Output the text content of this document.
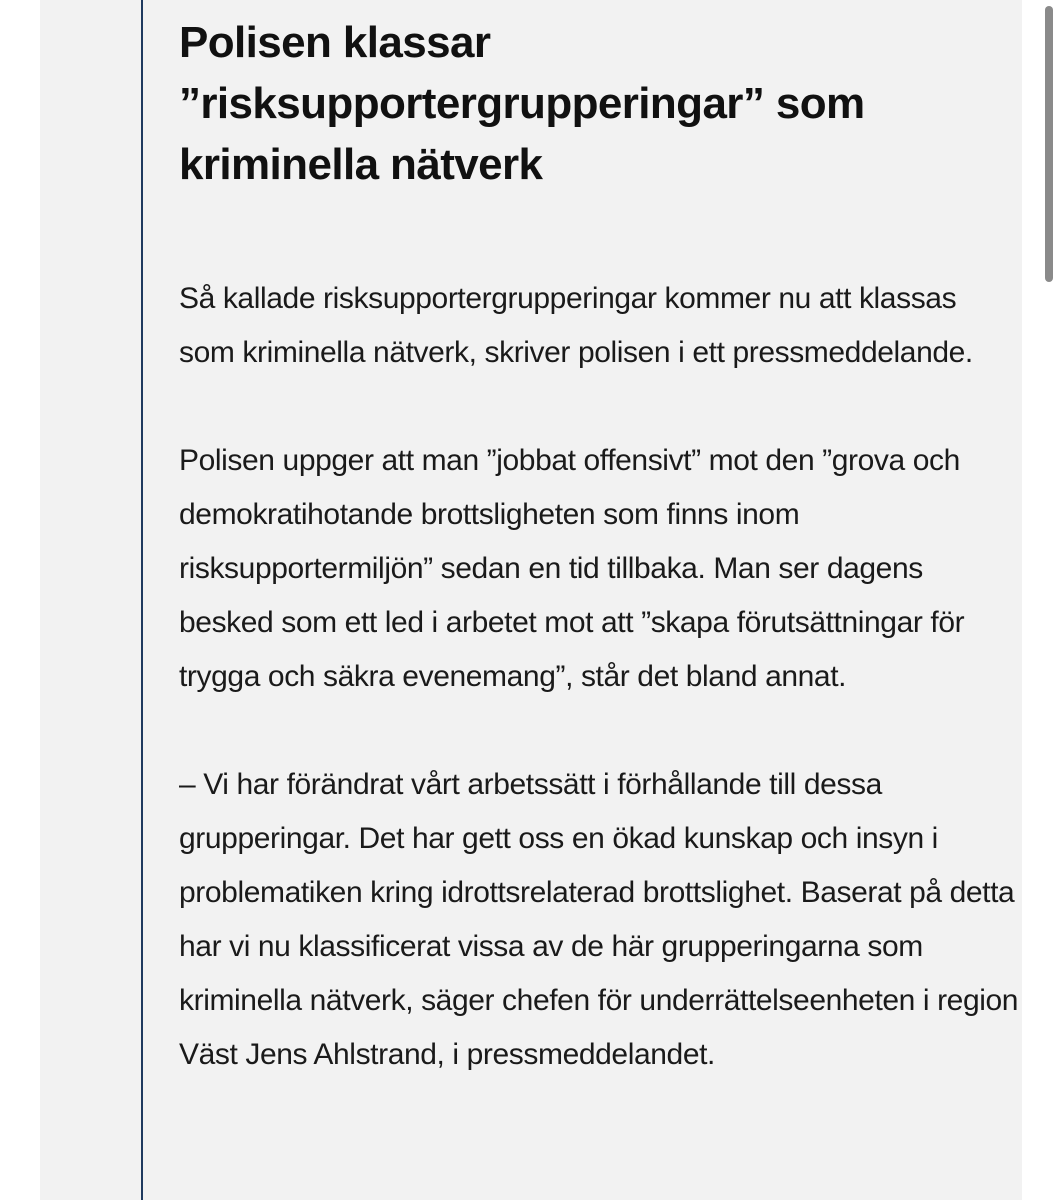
Polisen klassar ”risksupportergrupperingar” som kriminella nätverk

Så kallade risksupportergrupperingar kommer nu att klassas som kriminella nätverk, skriver polisen i ett pressmeddelande.

Polisen uppger att man ”jobbat offensivt” mot den ”grova och demokratihotande brottsligheten som finns inom risksupportermiljön” sedan en tid tillbaka. Man ser dagens besked som ett led i arbetet mot att ”skapa förutsättningar för trygga och säkra evenemang”, står det bland annat.

– Vi har förändrat vårt arbetssätt i förhållande till dessa grupperingar. Det har gett oss en ökad kunskap och insyn i problematiken kring idrottsrelaterad brottslighet. Baserat på detta har vi nu klassificerat vissa av de här grupperingarna som kriminella nätverk, säger chefen för underrättelseenheten i region Väst Jens Ahlstrand, i pressmeddelandet.
